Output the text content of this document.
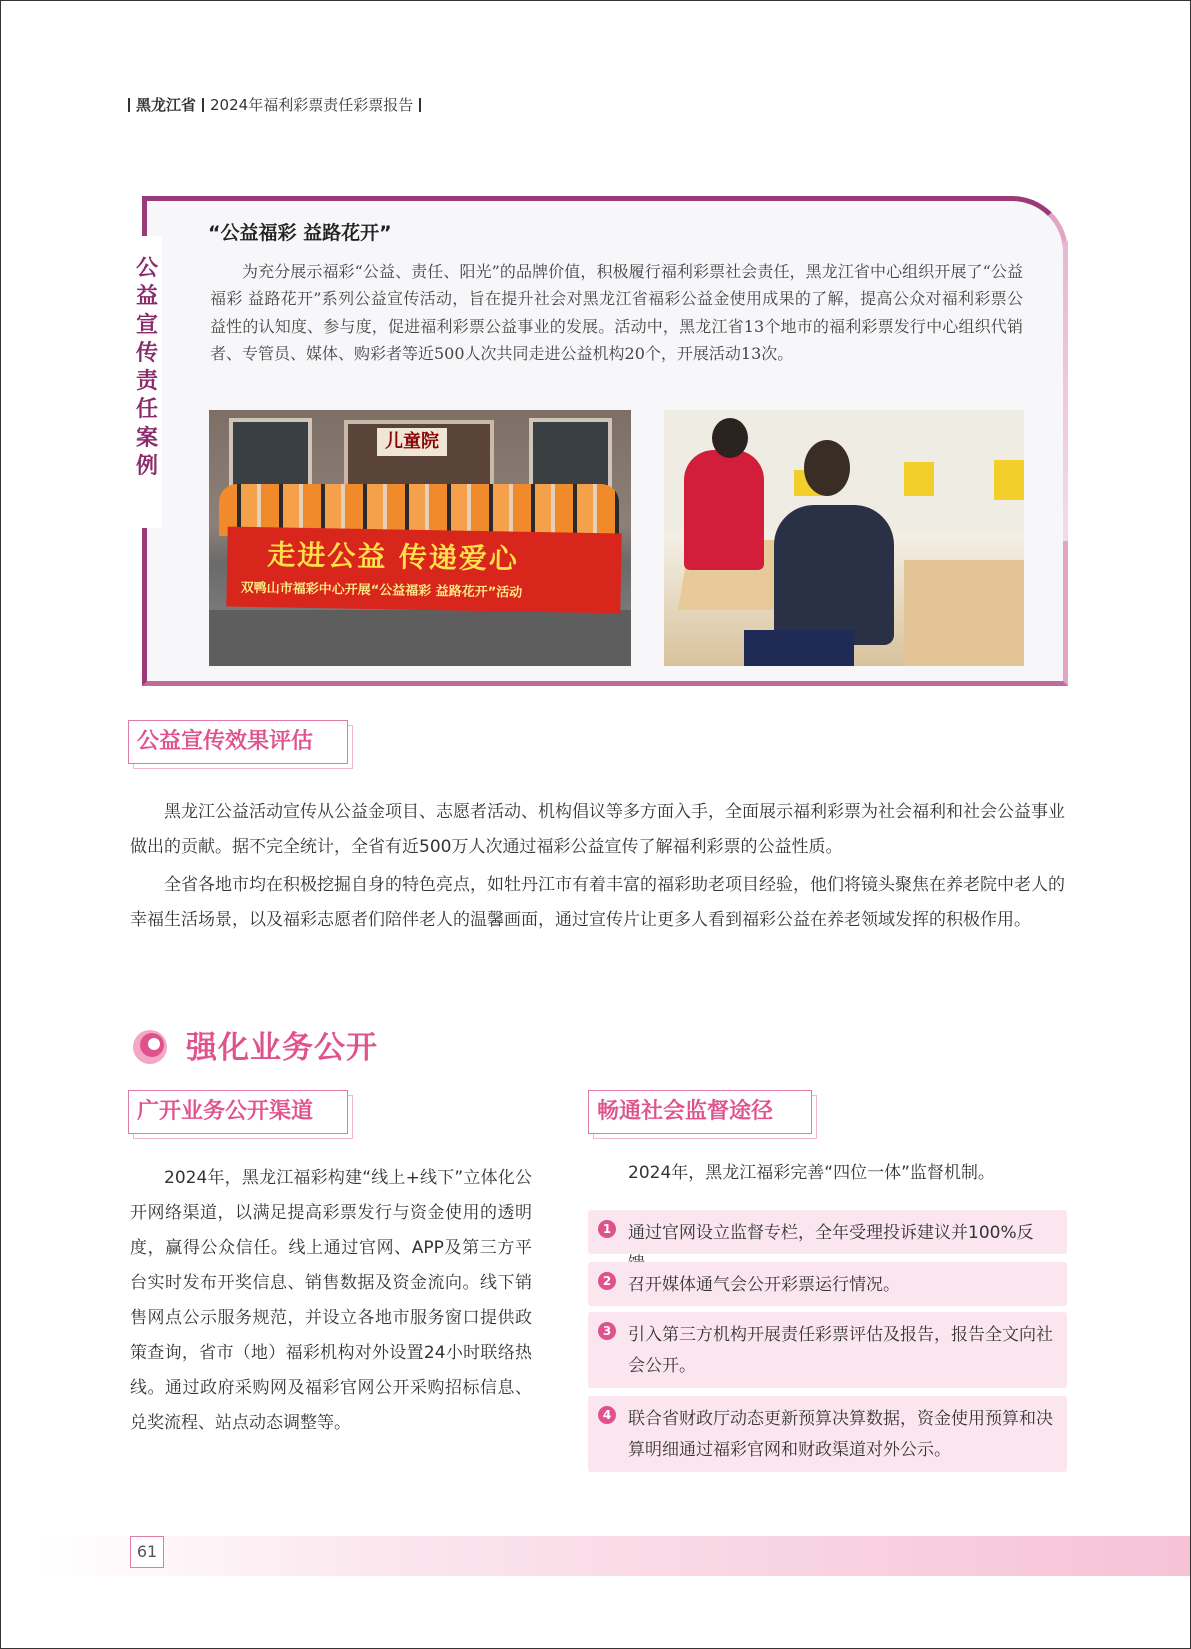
黑龙江省 2024年福利彩票责任彩票报告
公益宣传责任案例
“公益福彩 益路花开”

为充分展示福彩“公益、责任、阳光”的品牌价值，积极履行福利彩票社会责任，黑龙江省中心组织开展了“公益福彩 益路花开”系列公益宣传活动，旨在提升社会对黑龙江省福彩公益金使用成果的了解，提高公众对福利彩票公益性的认知度、参与度，促进福利彩票公益事业的发展。活动中，黑龙江省13个地市的福利彩票发行中心组织代销者、专管员、媒体、购彩者等近500人次共同走进公益机构20个，开展活动13次。

儿童院
走进公益 传递爱心
双鸭山市福彩中心开展“公益福彩 益路花开”活动
公益宣传效果评估

黑龙江公益活动宣传从公益金项目、志愿者活动、机构倡议等多方面入手，全面展示福利彩票为社会福利和社会公益事业做出的贡献。据不完全统计，全省有近500万人次通过福彩公益宣传了解福利彩票的公益性质。

全省各地市均在积极挖掘自身的特色亮点，如牡丹江市有着丰富的福彩助老项目经验，他们将镜头聚焦在养老院中老人的幸福生活场景，以及福彩志愿者们陪伴老人的温馨画面，通过宣传片让更多人看到福彩公益在养老领域发挥的积极作用。

强化业务公开
广开业务公开渠道

2024年，黑龙江福彩构建“线上+线下”立体化公开网络渠道，以满足提高彩票发行与资金使用的透明度，赢得公众信任。线上通过官网、APP及第三方平台实时发布开奖信息、销售数据及资金流向。线下销售网点公示服务规范，并设立各地市服务窗口提供政策查询，省市（地）福彩机构对外设置24小时联络热线。通过政府采购网及福彩官网公开采购招标信息、兑奖流程、站点动态调整等。

畅通社会监督途径
2024年，黑龙江福彩完善“四位一体”监督机制。
1 通过官网设立监督专栏，全年受理投诉建议并100%反
2 召开媒体通气会公开彩票运行情况。
3 引入第三方机构开展责任彩票评估及报告，报告全文向社会公开。
4 联合省财政厅动态更新预算决算数据，资金使用预算和决算明细通过福彩官网和财政渠道对外公示。
61
